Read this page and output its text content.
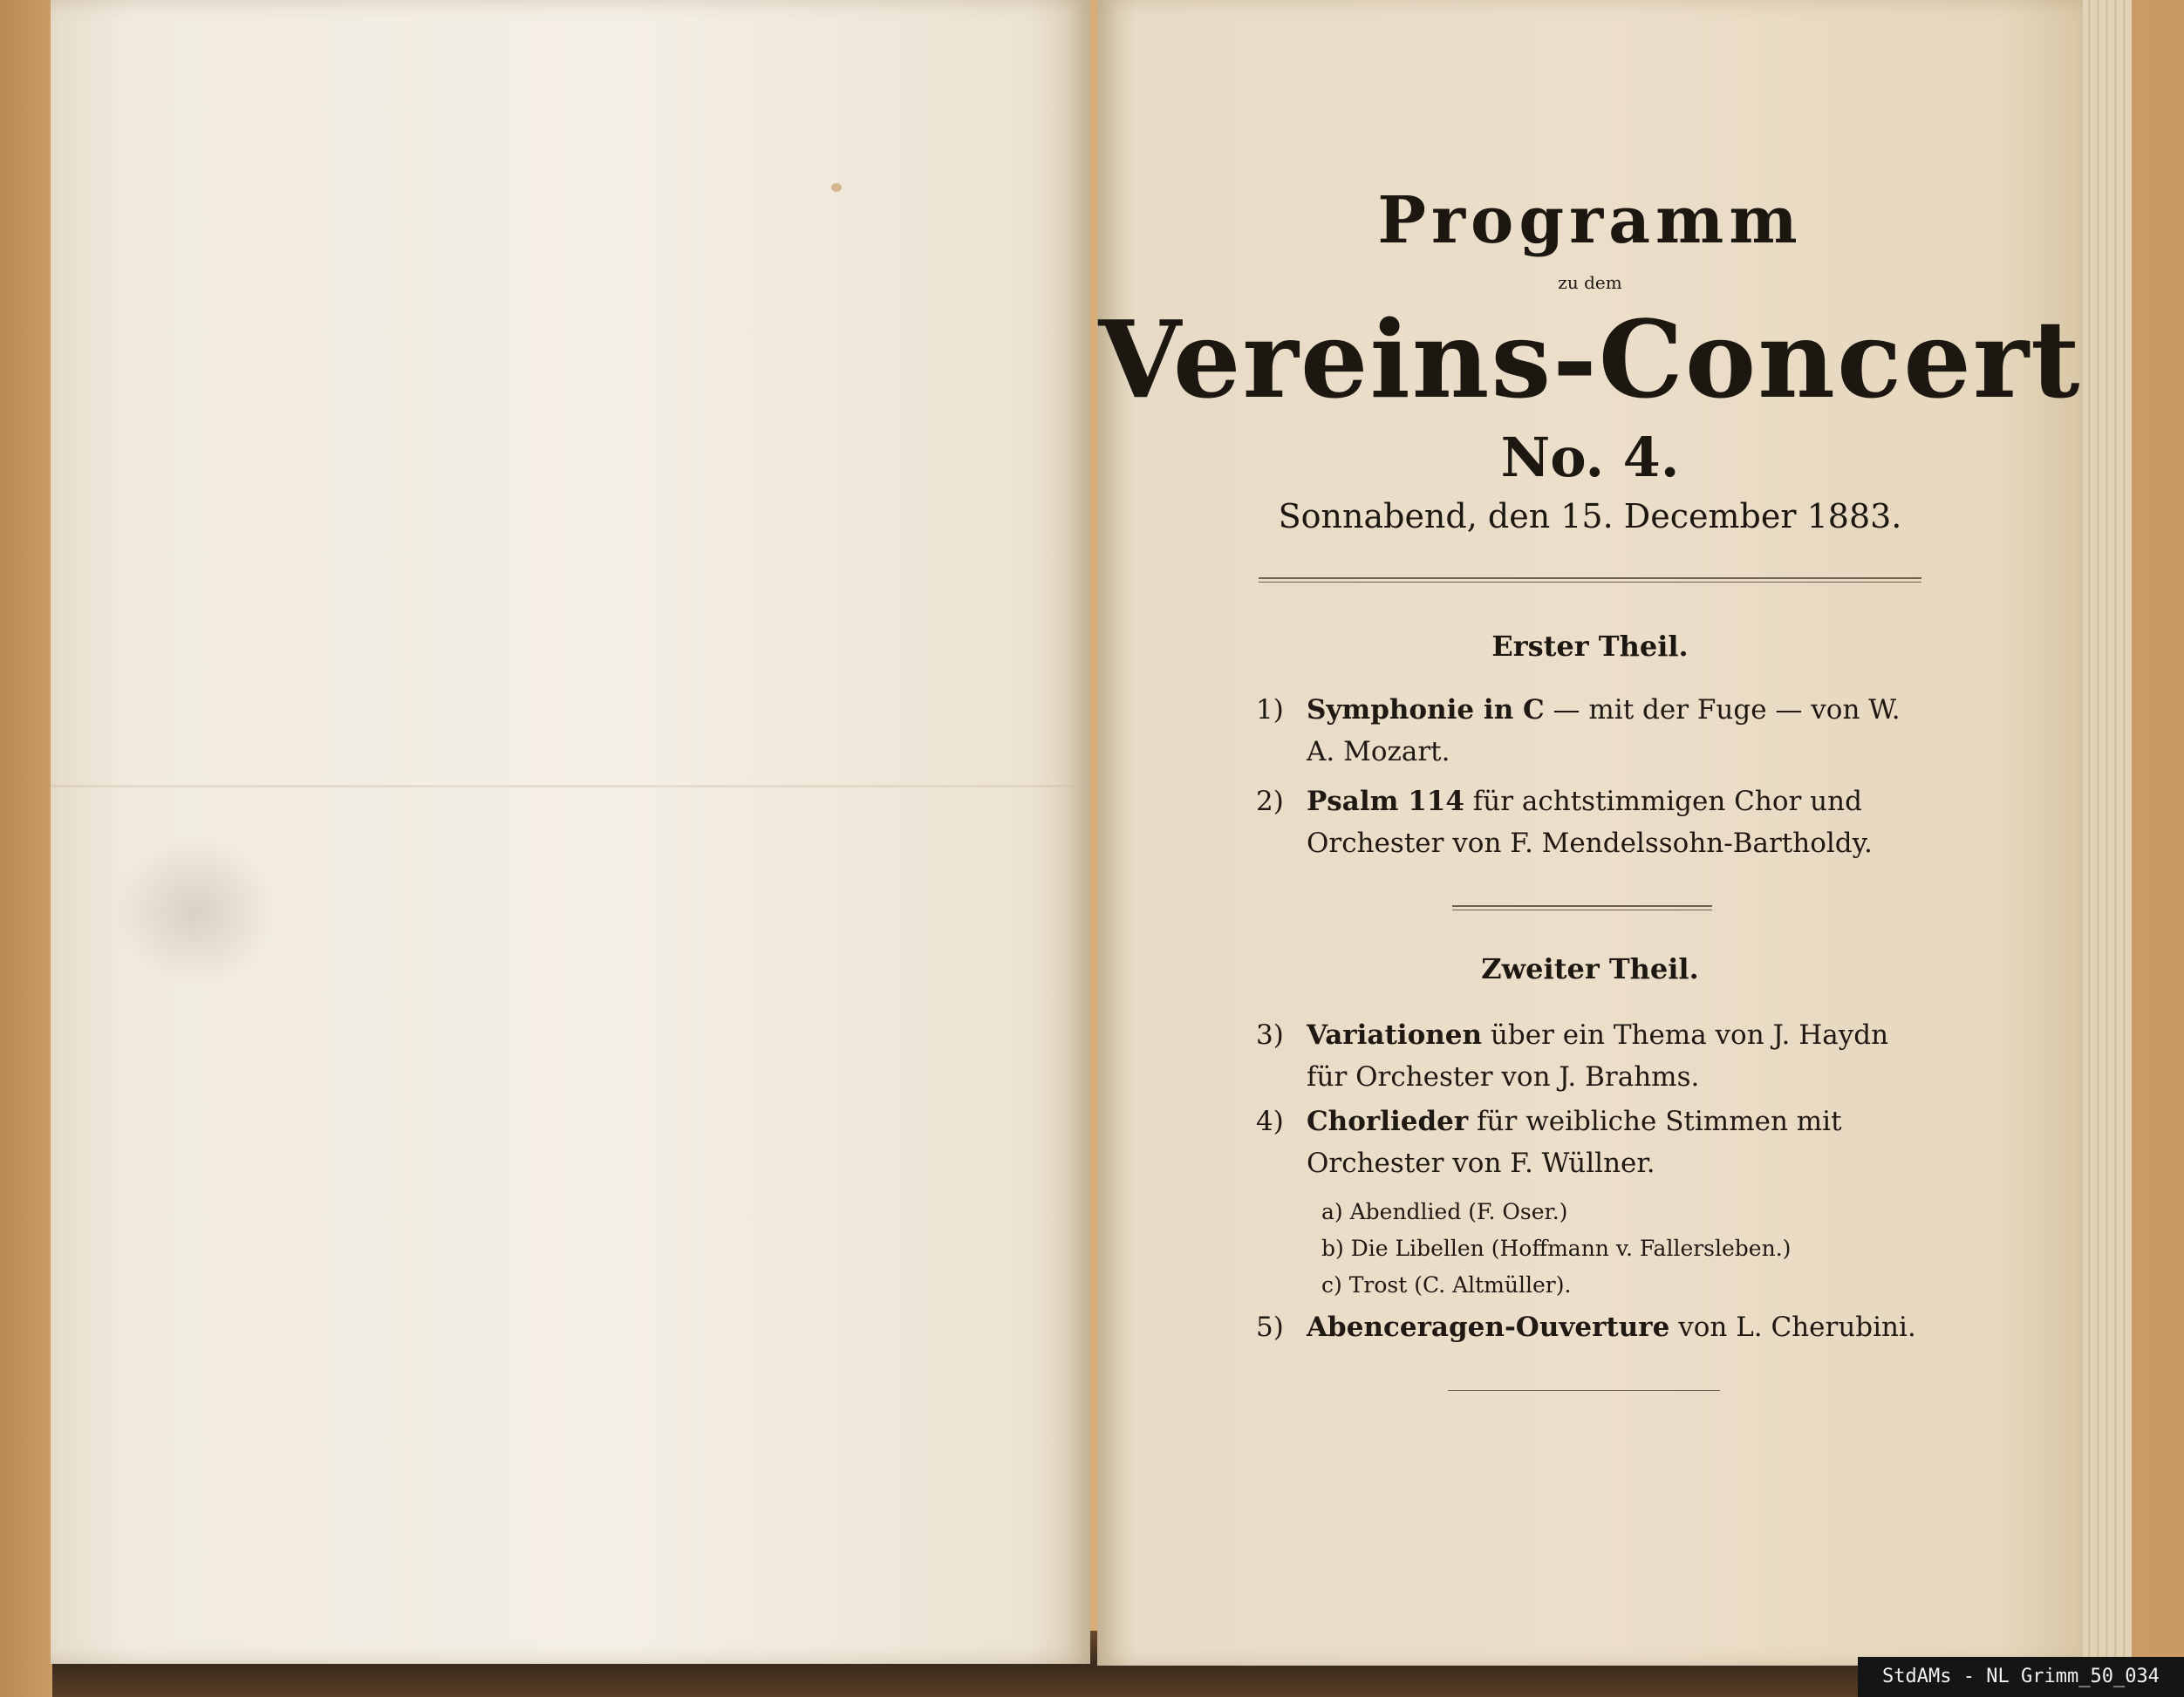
Programm
zu dem
Vereins-Concert
No. 4.
Sonnabend, den 15. December 1883.
Erster Theil.
1) Symphonie in C — mit der Fuge — von W. A. Mozart.
2) Psalm 114 für achtstimmigen Chor und Orchester von F. Mendelssohn-Bartholdy.
Zweiter Theil.
3) Variationen über ein Thema von J. Haydn für Orchester von J. Brahms.
4) Chorlieder für weibliche Stimmen mit Orchester von F. Wüllner.
a) Abendlied (F. Oser.)
b) Die Libellen (Hoffmann v. Fallersleben.)
c) Trost (C. Altmüller).
5) Abenceragen-Ouverture von L. Cherubini.
StdAMs - NL Grimm_50_034
